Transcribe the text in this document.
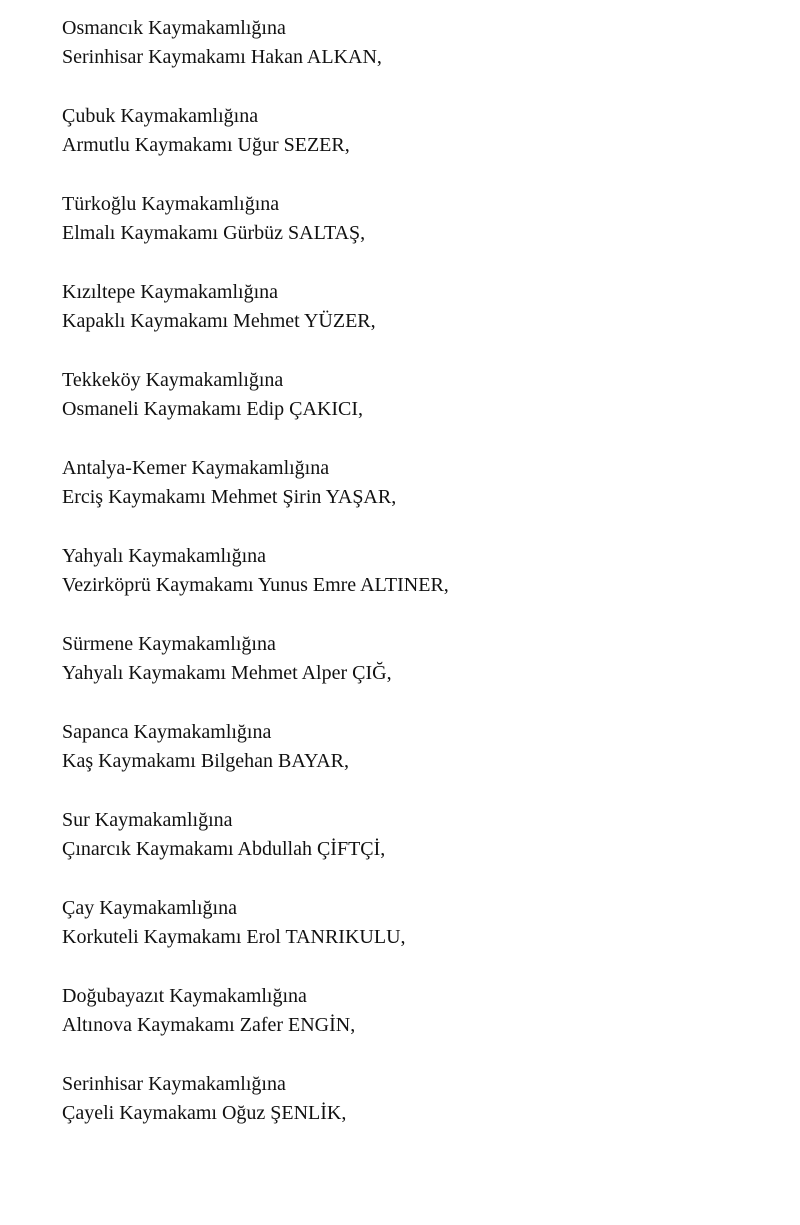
Osmancık Kaymakamlığına

Serinhisar Kaymakamı Hakan ALKAN,

Çubuk Kaymakamlığına

Armutlu Kaymakamı Uğur SEZER,

Türkoğlu Kaymakamlığına

Elmalı Kaymakamı Gürbüz SALTAŞ,

Kızıltepe Kaymakamlığına

Kapaklı Kaymakamı Mehmet YÜZER,

Tekkeköy Kaymakamlığına

Osmaneli Kaymakamı Edip ÇAKICI,

Antalya-Kemer Kaymakamlığına

Erciş Kaymakamı Mehmet Şirin YAŞAR,

Yahyalı Kaymakamlığına

Vezirköprü Kaymakamı Yunus Emre ALTINER,

Sürmene Kaymakamlığına

Yahyalı Kaymakamı Mehmet Alper ÇIĞ,

Sapanca Kaymakamlığına

Kaş Kaymakamı Bilgehan BAYAR,

Sur Kaymakamlığına

Çınarcık Kaymakamı Abdullah ÇİFTÇİ,

Çay Kaymakamlığına

Korkuteli Kaymakamı Erol TANRIKULU,

Doğubayazıt Kaymakamlığına

Altınova Kaymakamı Zafer ENGİN,

Serinhisar Kaymakamlığına

Çayeli Kaymakamı Oğuz ŞENLİK,
